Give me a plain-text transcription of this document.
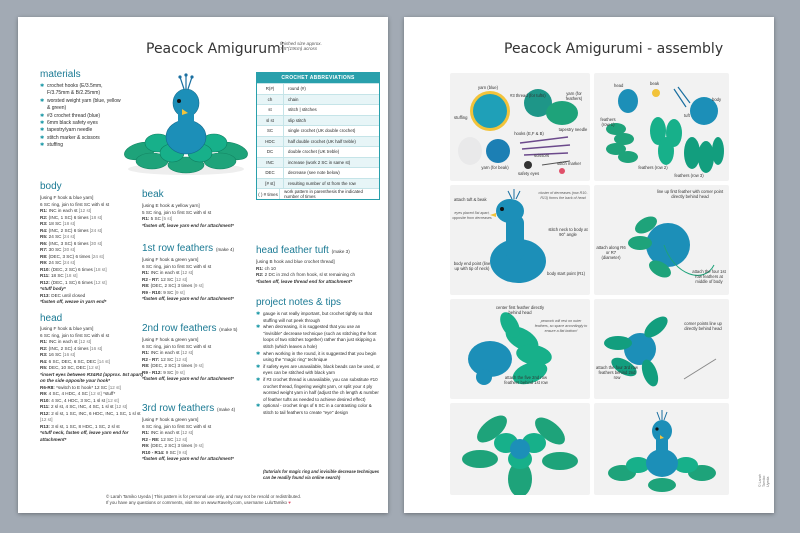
Peacock Amigurumi
finished size approx.
7.5"(19cm) across
materials
✱ crochet hooks (E/3.5mm, F/3.75mm & B/2.25mm)
✱ worsted weight yarn (blue, yellow & green)
✱ #3 crochet thread (blue)
✱ 6mm black safety eyes
✱ tapestry/yarn needle
✱ stitch marker & scissors
✱ stuffing
CROCHET ABBREVIATIONS
R(#)	round (#)
ch	chain
st	stitch | stitches
sl st	slip stitch
SC	single crochet (UK double crochet)
HDC	half double crochet (UK half treble)
DC	double crochet (UK treble)
INC	increase (work 2 SC in same st)
DEC	decrease (see note below)
[# st]	resulting number of st from the row
( ) # times	work pattern in parenthesis the indicated number of times
body
[using F hook & blue yarn]
6 SC ring, join to first SC with sl st
R1: INC in each st [12 st]
R2: (INC, 1 SC) 6 times [18 st]
R3: 18 SC [18 st]
R4: (INC, 2 SC) 6 times [24 st]
R5: 24 SC [24 st]
R6: (INC, 3 SC) 6 times [30 st]
R7: 30 SC [30 st]
R8: (DEC, 3 SC) 6 times [24 st]
R9: 24 SC [24 st]
R10: (DEC, 2 SC) 6 times [18 st]
R11: 18 SC [18 st]
R12: (DEC, 1 SC) 6 times [12 st]
*stuff body*
R13: DEC until closed
*fasten off, weave in yarn end*
head
[using F hook & blue yarn]
6 SC ring, join to first SC with sl st
R1: INC in each st [12 st]
R2: (INC, 2 SC) 4 times [16 st]
R3: 16 SC [16 st]
R4: 6 SC, DEC, 6 SC, DEC [14 st]
R5: DEC, 10 SC, DEC [12 st]
*insert eyes between R3&R4 (approx. 5st apart) on the side opposite your hook*
R6-R8: *switch to E hook* 12 SC [12 st]
R9: 4 SC, 4 HDC, 4 SC [12 st] *stuff*
R10: 4 SC, 4 HDC, 3 SC, 1 sl st [12 st]
R11: 2 sl st, 4 SC, INC, 4 SC, 1 sl st [12 st]
R12: 2 sl st, 1 SC, INC, 6 HDC, INC, 1 SC, 1 sl st [12 st]
R13: 3 sl st, 1 SC, 8 HDC, 1 SC, 2 sl st
*stuff neck, fasten off, leave yarn end for attachment*
beak
[using E hook & yellow yarn]
5 SC ring, join to first SC with sl st
R1: 5 SC [5 st]
*fasten off, leave yarn end for attachment*
1st row feathers (make 4)
[using F hook & green yarn]
6 SC ring, join to first SC with sl st
R1: INC in each st [12 st]
R2 - R7: 12 SC [12 st]
R8: (DEC, 2 SC) 3 times [9 st]
R9 - R10: 9 SC [9 st]
*fasten off, leave yarn end for attachment*
2nd row feathers (make 5)
[using F hook & green yarn]
6 SC ring, join to first SC with sl st
R1: INC in each st [12 st]
R2 - R7: 12 SC [12 st]
R8: (DEC, 2 SC) 3 times [9 st]
R9 - R12: 9 SC [9 st]
*fasten off, leave yarn end for attachment*
3rd row feathers (make 4)
[using F hook & green yarn]
6 SC ring, join to first SC with sl st
R1: INC in each st [12 st]
R2 - R8: 12 SC [12 st]
R9: (DEC, 2 SC) 3 times [9 st]
R10 - R14: 9 SC [9 st]
*fasten off, leave yarn end for attachment*
head feather tuft (make 3)
[using B hook and blue crochet thread]
R1: ch 10
R2: 2 DC in 2nd ch from hook, sl st remaining ch
*fasten off, leave thread end for attachment*
project notes & tips
✱ gauge is not really important, but crochet tightly so that stuffing will not peek through
✱ when decreasing, it is suggested that you use an "invisible" decrease technique (such as stitching the front loops of two stitches together) rather than just skipping a stitch (which leaves a hole)
✱ when working in the round, it is suggested that you begin using the "magic ring" technique
✱ if safety eyes are unavailable, black beads can be used, or eyes can be stitched with black yarn
✱ if #3 crochet thread is unavailable, you can substitute #10 crochet thread, fingering weight yarn, or split your 4 ply worsted weight yarn in half (adjust the ch length & number of feather tufts as needed to achieve desired effect)
✱ optional - crochet rings of 6 SC in a contrasting color & stitch to tail feathers to create "eye" design
(tutorials for magic ring and invisible decrease techniques can be readily found via online search)
© Larah Tamiko Uyeda | This pattern is for personal use only, and may not be resold or redistributed.
If you have any questions or comments, visit me on www.Ravelry.com, username LuluTamiko ♥
Peacock Amigurumi - assembly
yarn (blue)
#3 thread (for tufts)	yarn (for feathers)
stuffing
tapestry needle
hooks (E,F & B)
yarn (for beak)
safety eyes
stitch marker
scissors
head	beak
tuft
feathers (row 1)
body
feathers (row 2)
feathers (row 3)
attach tuft & beak
cluster of decreases (row R10-R13) forms the back of head
eyes placed 5st apart, opposite from decreases
stitch neck to body at 90° angle
body end point (line up with tip of neck)
body start point (R1)
line up first feather with corner point directly behind head
attach along R6 or R7 (diameter)
attach the four 1st row feathers at middle of body
center first feather directly behind head
peacock will rest on outer feathers, so space accordingly to ensure a flat bottom!
attach the five 2nd row feathers behind 1st row
corner points line up directly behind head
attach the four 3rd row feathers behind 2nd row
© Larah Tamiko Uyeda
